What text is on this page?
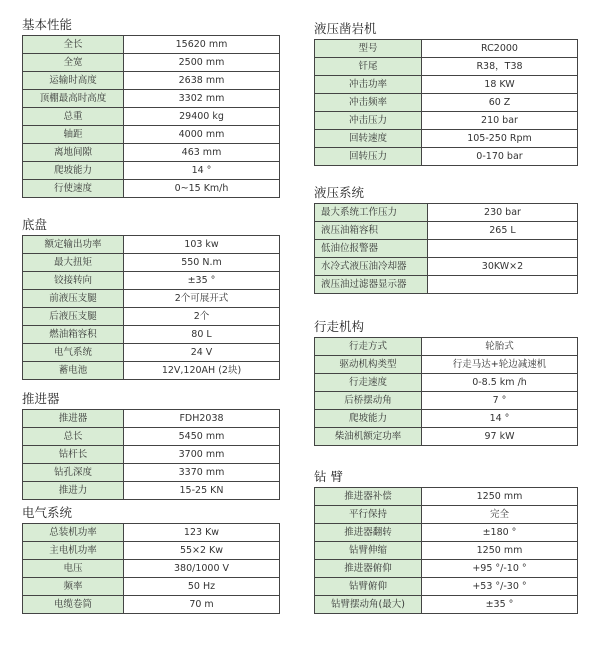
基本性能
全长	15620 mm
全宽	2500 mm
运输时高度	2638 mm
顶棚最高时高度	3302 mm
总重	29400 kg
轴距	4000 mm
离地间隙	463 mm
爬坡能力	14 °
行使速度	0~15 Km/h
底盘
额定输出功率	103 kw
最大扭矩	550 N.m
铰接转向	±35 °
前液压支腿	2个可展开式
后液压支腿	2个
燃油箱容积	80 L
电气系统	24 V
蓄电池	12V,120AH (2块)
推进器
推进器	FDH2038
总长	5450 mm
钻杆长	3700 mm
钻孔深度	3370 mm
推进力	15-25 KN
电气系统
总装机功率	123 Kw
主电机功率	55×2 Kw
电压	380/1000 V
频率	50 Hz
电缆卷筒	70 m
液压凿岩机
型号	RC2000
钎尾	R38，T38
冲击功率	18 KW
冲击频率	60 Z
冲击压力	210 bar
回转速度	105-250 Rpm
回转压力	0-170 bar
液压系统
最大系统工作压力	230 bar
液压油箱容积	265 L
低油位报警器	
水冷式液压油冷却器	30KW×2
液压油过滤器显示器	
行走机构
行走方式	轮胎式
驱动机构类型	行走马达+轮边减速机
行走速度	0-8.5 km /h
后桥摆动角	7 °
爬坡能力	14 °
柴油机额定功率	97 kW
钻 臂
推进器补偿	1250 mm
平行保持	完全
推进器翻转	±180 °
钻臂伸缩	1250 mm
推进器俯仰	+95 °/-10 °
钻臂俯仰	+53 °/-30 °
钻臂摆动角(最大)	±35 °
